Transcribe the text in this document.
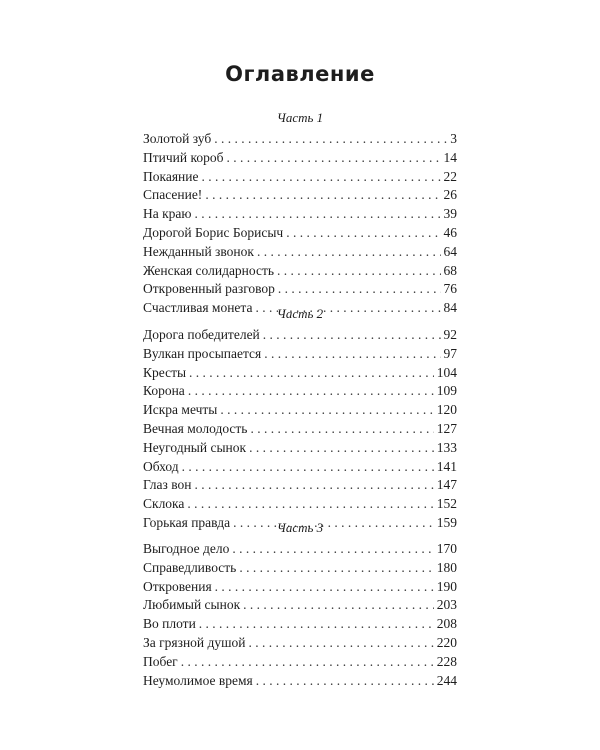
Оглавление
Часть 1
Золотой зуб . . .	3
Птичий короб . . .	14
Покаяние . . .	22
Спасение! . . .	26
На краю . . .	39
Дорогой Борис Борисыч . . .	46
Нежданный звонок . . .	64
Женская солидарность . . .	68
Откровенный разговор . . .	76
Счастливая монета . . .	84
Часть 2
Дорога победителей . . .	92
Вулкан просыпается . . .	97
Кресты . . .	104
Корона . . .	109
Искра мечты . . .	120
Вечная молодость . . .	127
Неугодный сынок . . .	133
Обход . . .	141
Глаз вон . . .	147
Склока . . .	152
Горькая правда . . .	159
Часть 3
Выгодное дело . . .	170
Справедливость . . .	180
Откровения . . .	190
Любимый сынок . . .	203
Во плоти . . .	208
За грязной душой . . .	220
Побег . . .	228
Неумолимое время . . .	244
